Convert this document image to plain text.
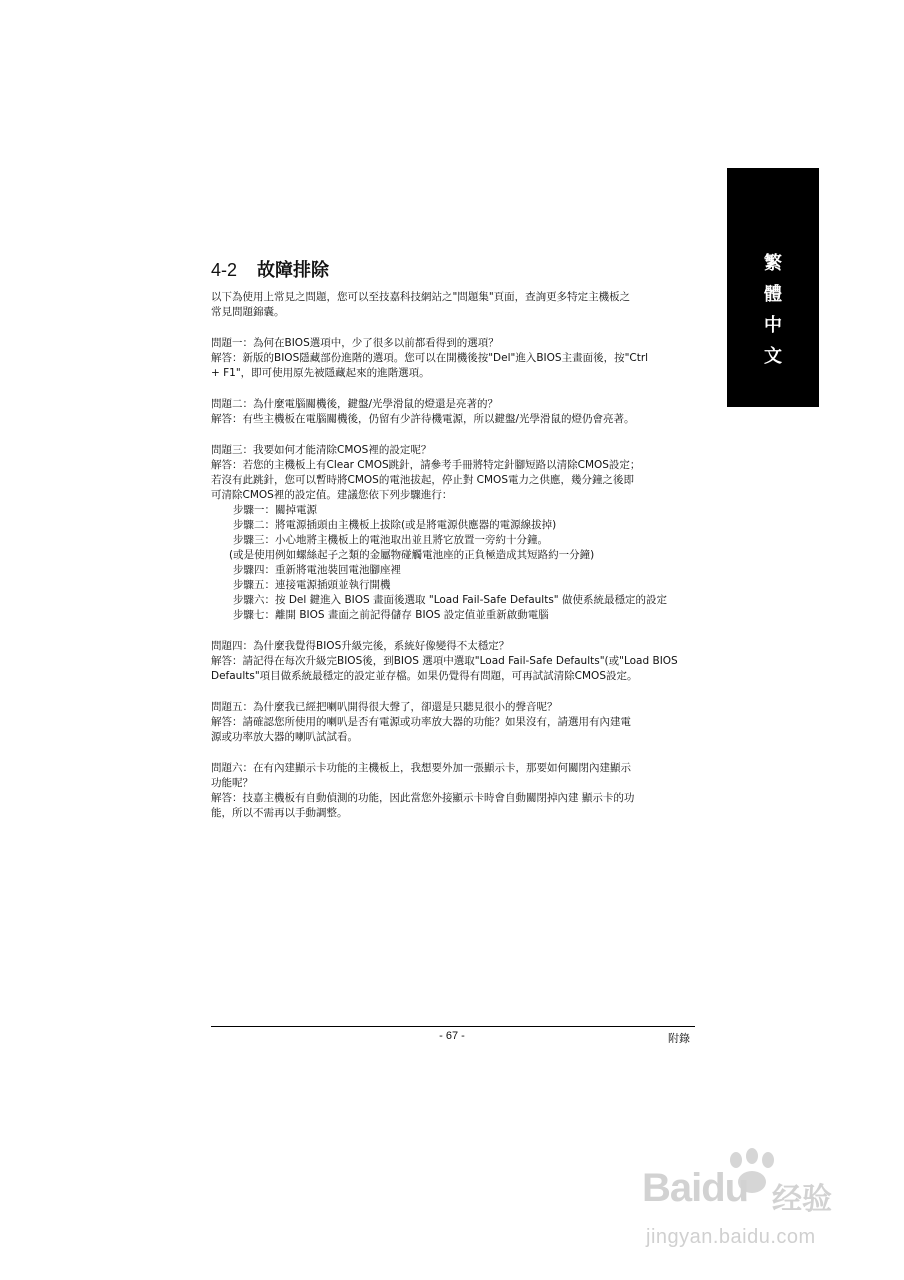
繁
體
中
文
4-2 故障排除

以下為使用上常見之問題，您可以至技嘉科技網站之"問題集"頁面，查詢更多特定主機板之

常見問題錦囊。

問題一：為何在BIOS選項中，少了很多以前都看得到的選項？

解答：新版的BIOS隱藏部份進階的選項。您可以在開機後按"Del"進入BIOS主畫面後，按"Ctrl

+ F1"，即可使用原先被隱藏起來的進階選項。

問題二：為什麼電腦關機後，鍵盤/光學滑鼠的燈還是亮著的？

解答：有些主機板在電腦關機後，仍留有少許待機電源，所以鍵盤/光學滑鼠的燈仍會亮著。

問題三：我要如何才能清除CMOS裡的設定呢？

解答：若您的主機板上有Clear CMOS跳針，請參考手冊將特定針腳短路以清除CMOS設定；

若沒有此跳針，您可以暫時將CMOS的電池拔起，停止對 CMOS電力之供應，幾分鐘之後即

可清除CMOS裡的設定值。建議您依下列步驟進行：

步驟一：關掉電源

步驟二：將電源插頭由主機板上拔除(或是將電源供應器的電源線拔掉)

步驟三：小心地將主機板上的電池取出並且將它放置一旁約十分鐘。

(或是使用例如螺絲起子之類的金屬物碰觸電池座的正負極造成其短路約一分鐘)

步驟四：重新將電池裝回電池腳座裡

步驟五：連接電源插頭並執行開機

步驟六：按 Del 鍵進入 BIOS 畫面後選取 "Load Fail-Safe Defaults" 做使系統最穩定的設定

步驟七：離開 BIOS 畫面之前記得儲存 BIOS 設定值並重新啟動電腦

問題四：為什麼我覺得BIOS升級完後，系統好像變得不太穩定？

解答：請記得在每次升級完BIOS後，到BIOS 選項中選取"Load Fail-Safe Defaults"(或"Load BIOS

Defaults"項目做系統最穩定的設定並存檔。如果仍覺得有問題，可再試試清除CMOS設定。

問題五：為什麼我已經把喇叭開得很大聲了，卻還是只聽見很小的聲音呢？

解答：請確認您所使用的喇叭是否有電源或功率放大器的功能？如果沒有，請選用有內建電

源或功率放大器的喇叭試試看。

問題六：在有內建顯示卡功能的主機板上，我想要外加一張顯示卡，那要如何關閉內建顯示

功能呢？

解答：技嘉主機板有自動偵測的功能，因此當您外接顯示卡時會自動關閉掉內建 顯示卡的功

能，所以不需再以手動調整。

- 67 -	附錄
Baidu 经验
jingyan.baidu.com
